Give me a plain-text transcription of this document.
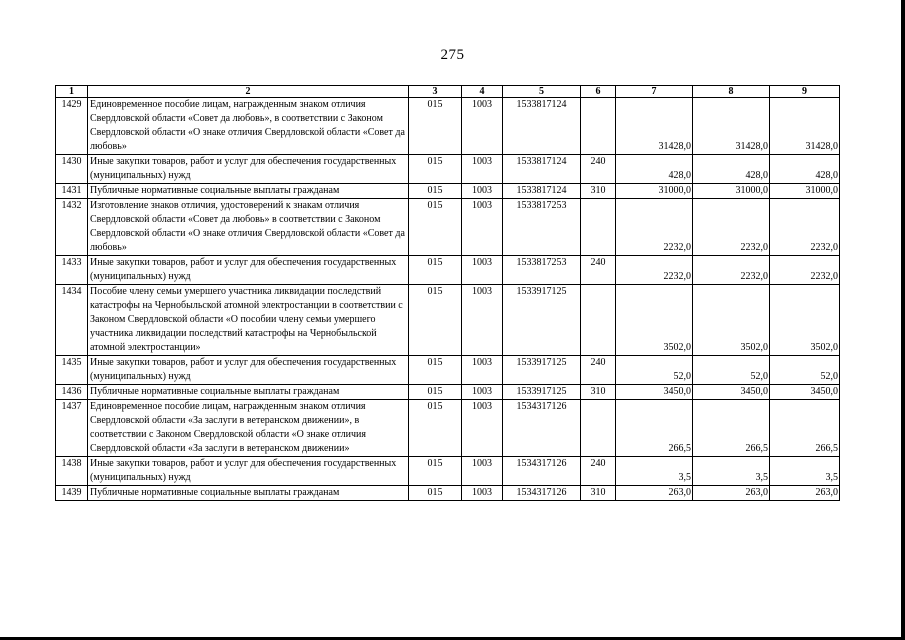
275
1	2	3	4	5	6	7	8	9
1429	Единовременное пособие лицам, награжденным знаком отличия Свердловской области «Совет да любовь», в соответствии с Законом Свердловской области «О знаке отличия Свердловской области «Совет да любовь»	015	1003	1533817124		31428,0	31428,0	31428,0
1430	Иные закупки товаров, работ и услуг для обеспечения государственных (муниципальных) нужд	015	1003	1533817124	240	428,0	428,0	428,0
1431	Публичные нормативные социальные выплаты гражданам	015	1003	1533817124	310	31000,0	31000,0	31000,0
1432	Изготовление знаков отличия, удостоверений к знакам отличия Свердловской области «Совет да любовь» в соответствии с Законом Свердловской области «О знаке отличия Свердловской области «Совет да любовь»	015	1003	1533817253		2232,0	2232,0	2232,0
1433	Иные закупки товаров, работ и услуг для обеспечения государственных (муниципальных) нужд	015	1003	1533817253	240	2232,0	2232,0	2232,0
1434	Пособие члену семьи умершего участника ликвидации последствий катастрофы на Чернобыльской атомной электростанции в соответствии с Законом Свердловской области «О пособии члену семьи умершего участника ликвидации последствий катастрофы на Чернобыльской атомной электростанции»	015	1003	1533917125		3502,0	3502,0	3502,0
1435	Иные закупки товаров, работ и услуг для обеспечения государственных (муниципальных) нужд	015	1003	1533917125	240	52,0	52,0	52,0
1436	Публичные нормативные социальные выплаты гражданам	015	1003	1533917125	310	3450,0	3450,0	3450,0
1437	Единовременное пособие лицам, награжденным знаком отличия Свердловской области «За заслуги в ветеранском движении», в соответствии с Законом Свердловской области «О знаке отличия Свердловской области «За заслуги в ветеранском движении»	015	1003	1534317126		266,5	266,5	266,5
1438	Иные закупки товаров, работ и услуг для обеспечения государственных (муниципальных) нужд	015	1003	1534317126	240	3,5	3,5	3,5
1439	Публичные нормативные социальные выплаты гражданам	015	1003	1534317126	310	263,0	263,0	263,0
